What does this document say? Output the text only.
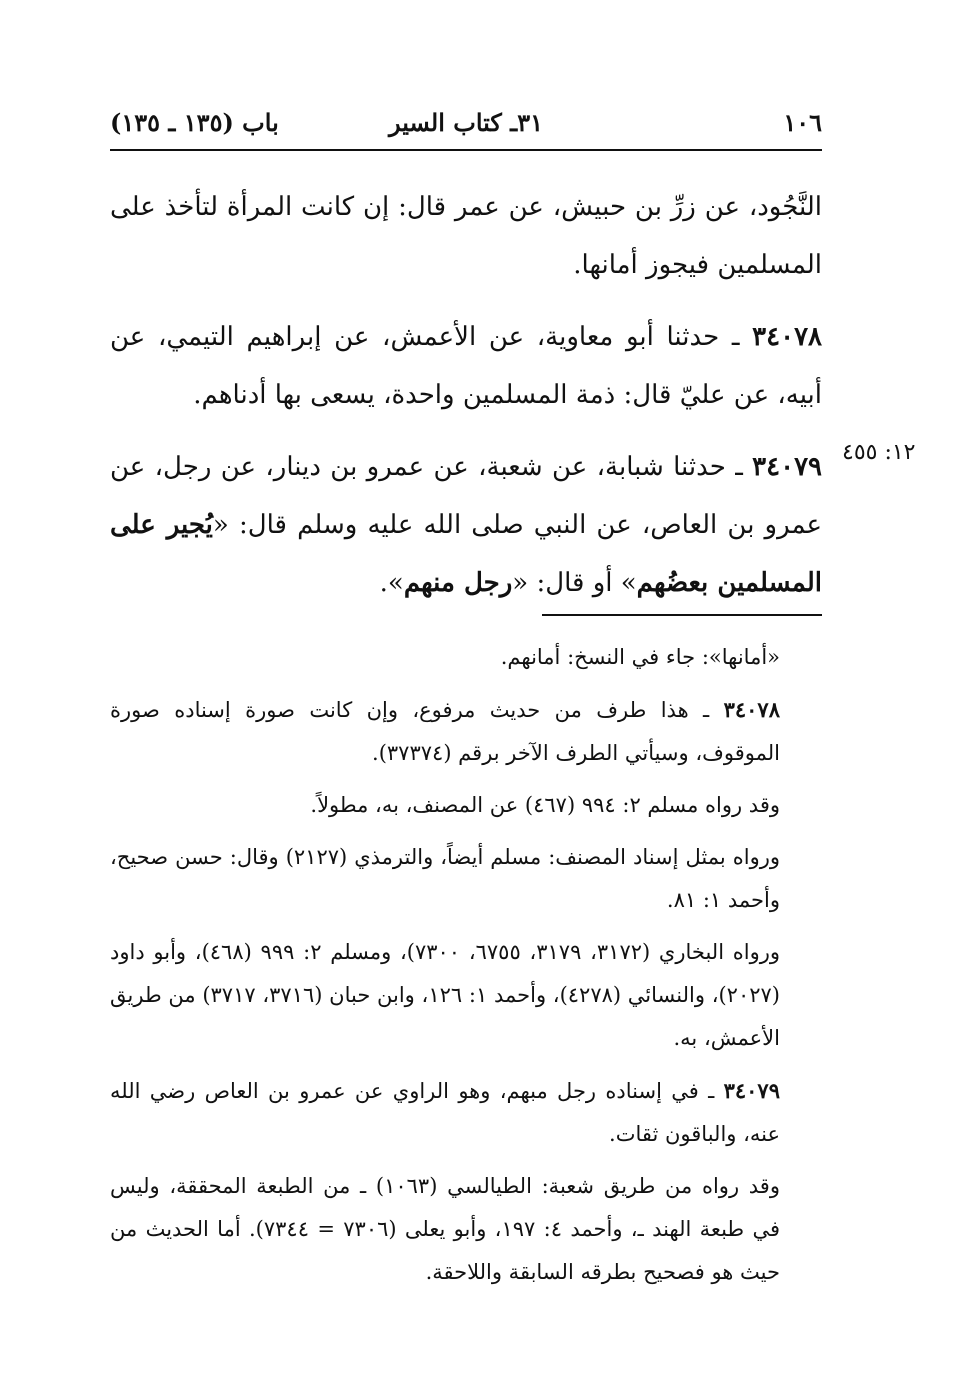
١٠٦
٣١ـ كتاب السير
باب (١٣٥ ـ ١٣٥)

النَّجُود، عن زرِّ بن حبيش، عن عمر قال: إن كانت المرأة لتأخذ على المسلمين فيجوز أمانها.

٣٤٠٧٨ ـ حدثنا أبو معاوية، عن الأعمش، عن إبراهيم التيمي، عن أبيه، عن عليّ قال: ذمة المسلمين واحدة، يسعى بها أدناهم.

٣٤٠٧٩ ـ حدثنا شبابة، عن شعبة، عن عمرو بن دينار، عن رجل، عن عمرو بن العاص، عن النبي صلى الله عليه وسلم قال: «يُجير على المسلمين بعضُهم» أو قال: «رجل منهم».

١٢: ٤٥٥

«أمانها»: جاء في النسخ: أمانهم.

٣٤٠٧٨ ـ هذا طرف من حديث مرفوع، وإن كانت صورة إسناده صورة الموقوف، وسيأتي الطرف الآخر برقم (٣٧٣٧٤).

وقد رواه مسلم ٢: ٩٩٤ (٤٦٧) عن المصنف، به، مطولاً.

ورواه بمثل إسناد المصنف: مسلم أيضاً، والترمذي (٢١٢٧) وقال: حسن صحيح، وأحمد ١: ٨١.

ورواه البخاري (٣١٧٢، ٣١٧٩، ٦٧٥٥، ٧٣٠٠)، ومسلم ٢: ٩٩٩ (٤٦٨)، وأبو داود (٢٠٢٧)، والنسائي (٤٢٧٨)، وأحمد ١: ١٢٦، وابن حبان (٣٧١٦، ٣٧١٧) من طريق الأعمش، به.

٣٤٠٧٩ ـ في إسناده رجل مبهم، وهو الراوي عن عمرو بن العاص رضي الله عنه، والباقون ثقات.

وقد رواه من طريق شعبة: الطيالسي (١٠٦٣) ـ من الطبعة المحققة، وليس في طبعة الهند ـ، وأحمد ٤: ١٩٧، وأبو يعلى (٧٣٠٦ = ٧٣٤٤). أما الحديث من حيث هو فصحيح بطرقه السابقة واللاحقة.
